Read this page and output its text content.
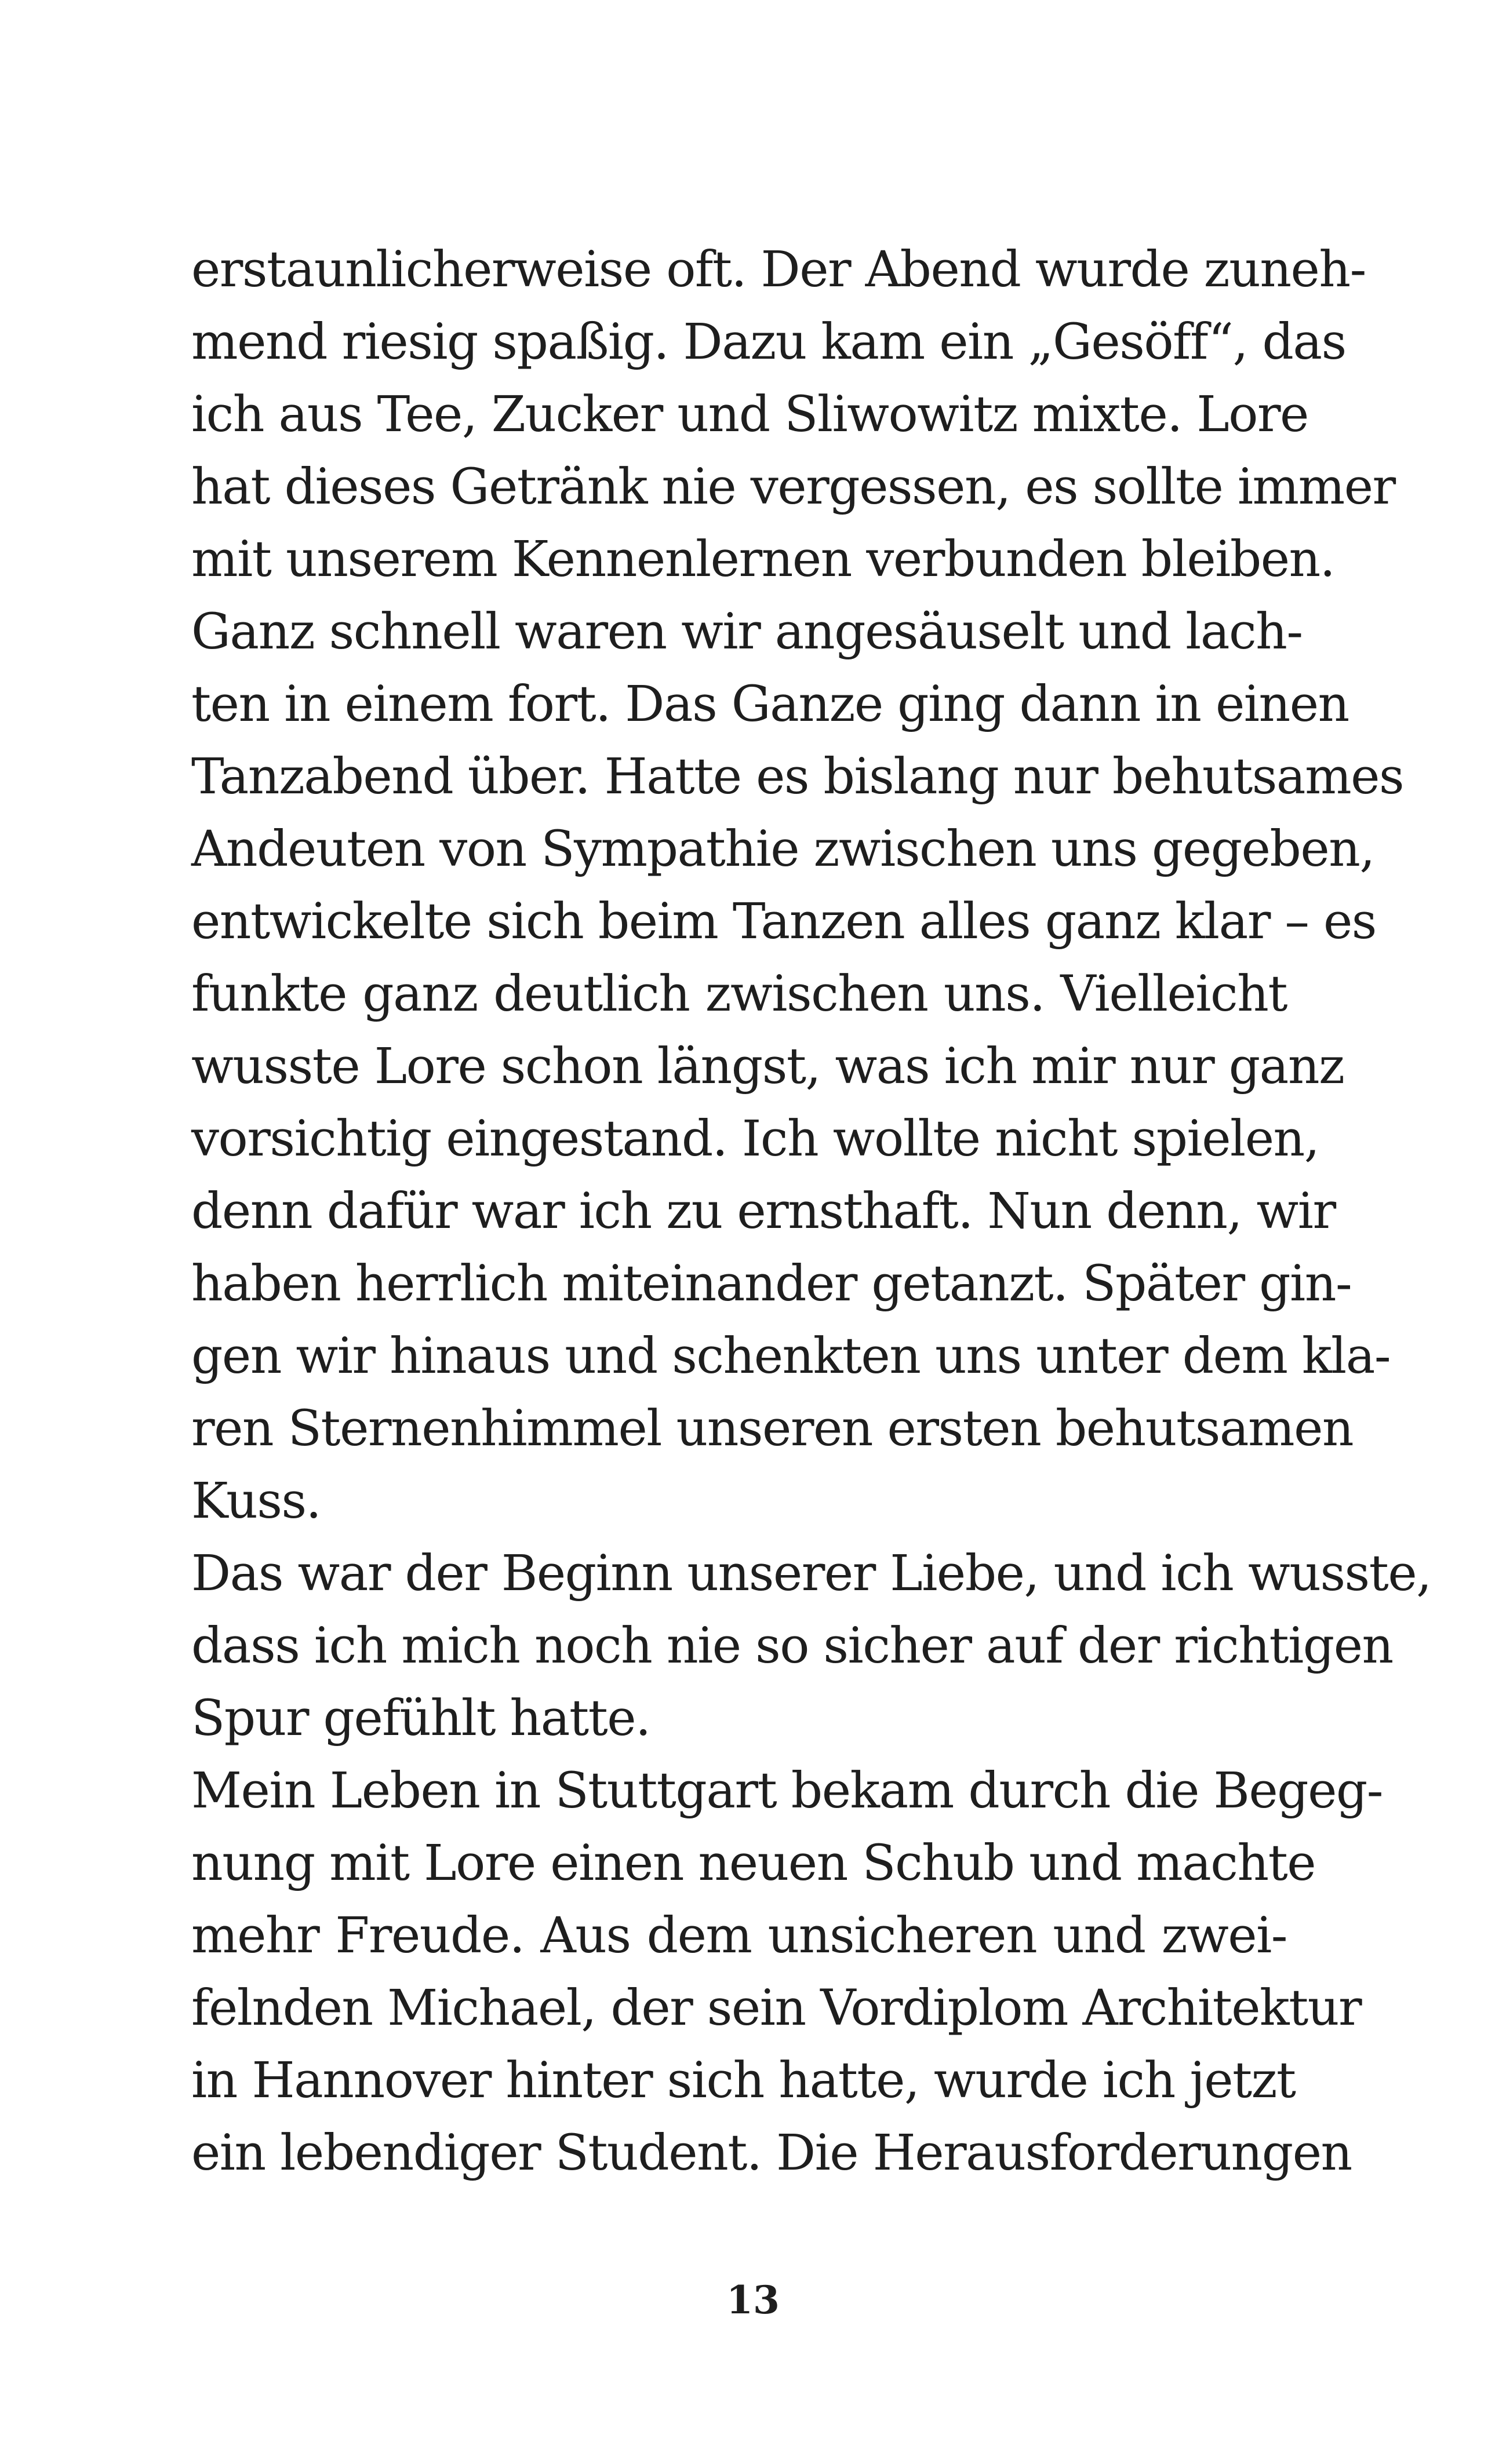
erstaunlicherweise oft. Der Abend wurde zuneh-
mend riesig spaßig. Dazu kam ein „Gesöff“, das
ich aus Tee, Zucker und Sliwowitz mixte. Lore
hat dieses Getränk nie vergessen, es sollte immer
mit unserem Kennenlernen verbunden bleiben.
Ganz schnell waren wir angesäuselt und lach-
ten in einem fort. Das Ganze ging dann in einen
Tanzabend über. Hatte es bislang nur behutsames
Andeuten von Sympathie zwischen uns gegeben,
entwickelte sich beim Tanzen alles ganz klar – es
funkte ganz deutlich zwischen uns. Vielleicht
wusste Lore schon längst, was ich mir nur ganz
vorsichtig eingestand. Ich wollte nicht spielen,
denn dafür war ich zu ernsthaft. Nun denn, wir
haben herrlich miteinander getanzt. Später gin-
gen wir hinaus und schenkten uns unter dem kla-
ren Sternenhimmel unseren ersten behutsamen
Kuss.
Das war der Beginn unserer Liebe, und ich wusste,
dass ich mich noch nie so sicher auf der richtigen
Spur gefühlt hatte.
Mein Leben in Stuttgart bekam durch die Begeg-
nung mit Lore einen neuen Schub und machte
mehr Freude. Aus dem unsicheren und zwei-
felnden Michael, der sein Vordiplom Architektur
in Hannover hinter sich hatte, wurde ich jetzt
ein lebendiger Student. Die Herausforderungen
13
